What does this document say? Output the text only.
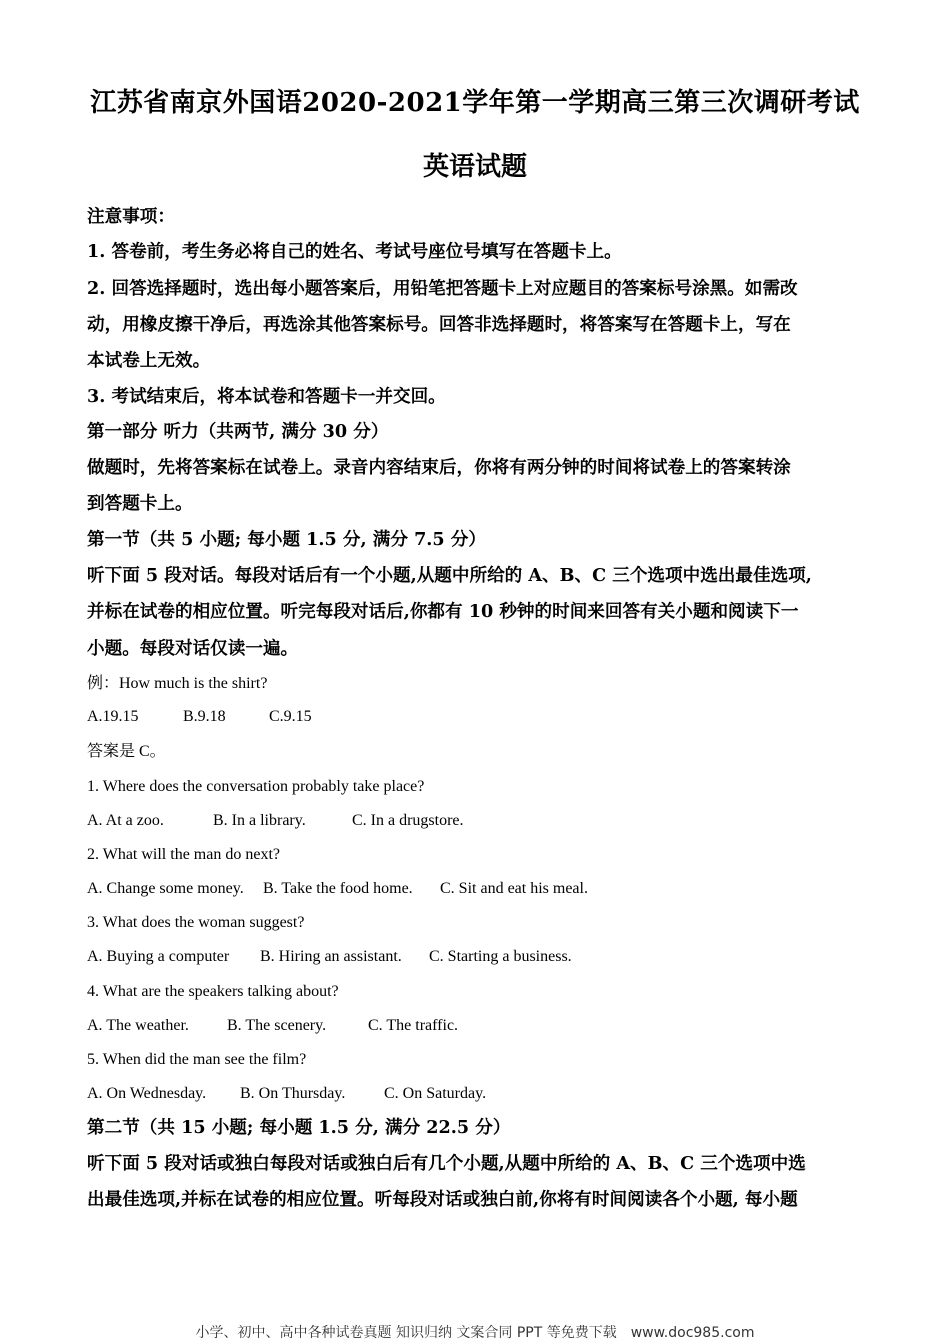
江苏省南京外国语2020-2021学年第一学期高三第三次调研考试
英语试题

注意事项：

1. 答卷前，考生务必将自己的姓名、考试号座位号填写在答题卡上。

2. 回答选择题时，选出每小题答案后，用铅笔把答题卡上对应题目的答案标号涂黑。如需改

动，用橡皮擦干净后，再选涂其他答案标号。回答非选择题时，将答案写在答题卡上，写在

本试卷上无效。

3. 考试结束后，将本试卷和答题卡一并交回。

第一部分 听力（共两节, 满分 30 分）

做题时，先将答案标在试卷上。录音内容结束后，你将有两分钟的时间将试卷上的答案转涂

到答题卡上。

第一节（共 5 小题; 每小题 1.5 分, 满分 7.5 分）

听下面 5 段对话。每段对话后有一个小题,从题中所给的 A、B、C 三个选项中选出最佳选项,

并标在试卷的相应位置。听完每段对话后,你都有 10 秒钟的时间来回答有关小题和阅读下一

小题。每段对话仅读一遍。

例：How much is the shirt?

A.19.15	B.9.18	C.9.15

答案是 C。

1. Where does the conversation probably take place?

A. At a zoo.	B. In a library.	C. In a drugstore.

2. What will the man do next?

A. Change some money. B. Take the food home. C. Sit and eat his meal.

3. What does the woman suggest?

A. Buying a computer B. Hiring an assistant. C. Starting a business.

4. What are the speakers talking about?

A. The weather. B. The scenery.	C. The traffic.

5. When did the man see the film?

A. On Wednesday. B. On Thursday. C. On Saturday.

第二节（共 15 小题; 每小题 1.5 分, 满分 22.5 分）

听下面 5 段对话或独白每段对话或独白后有几个小题,从题中所给的 A、B、C 三个选项中选

出最佳选项,并标在试卷的相应位置。听每段对话或独白前,你将有时间阅读各个小题, 每小题

小学、初中、高中各种试卷真题 知识归纳 文案合同 PPT 等免费下载　www.doc985.com
